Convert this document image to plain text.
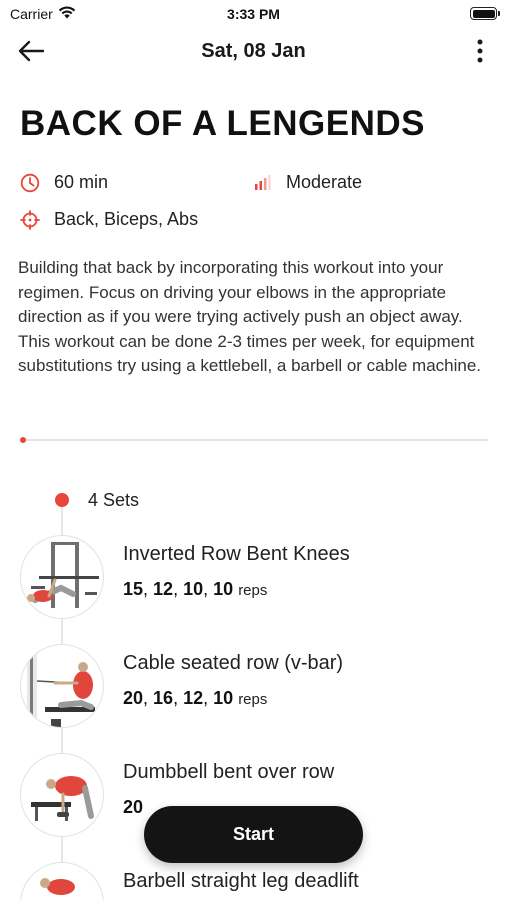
Carrier	3:33 PM
Sat, 08 Jan
BACK OF A LENGENDS
60 min	Moderate
Back, Biceps, Abs

Building that back by incorporating this workout into your regimen. Focus on driving your elbows in the appropriate direction as if you were trying actively push an object away. This workout can be done 2-3 times per week, for equipment substitutions try using a kettlebell, a barbell or cable machine.

4 Sets
Inverted Row Bent Knees
15, 12, 10, 10 reps
Cable seated row (v-bar)
20, 16, 12, 10 reps
Dumbbell bent over row
20
Barbell straight leg deadlift
Start
